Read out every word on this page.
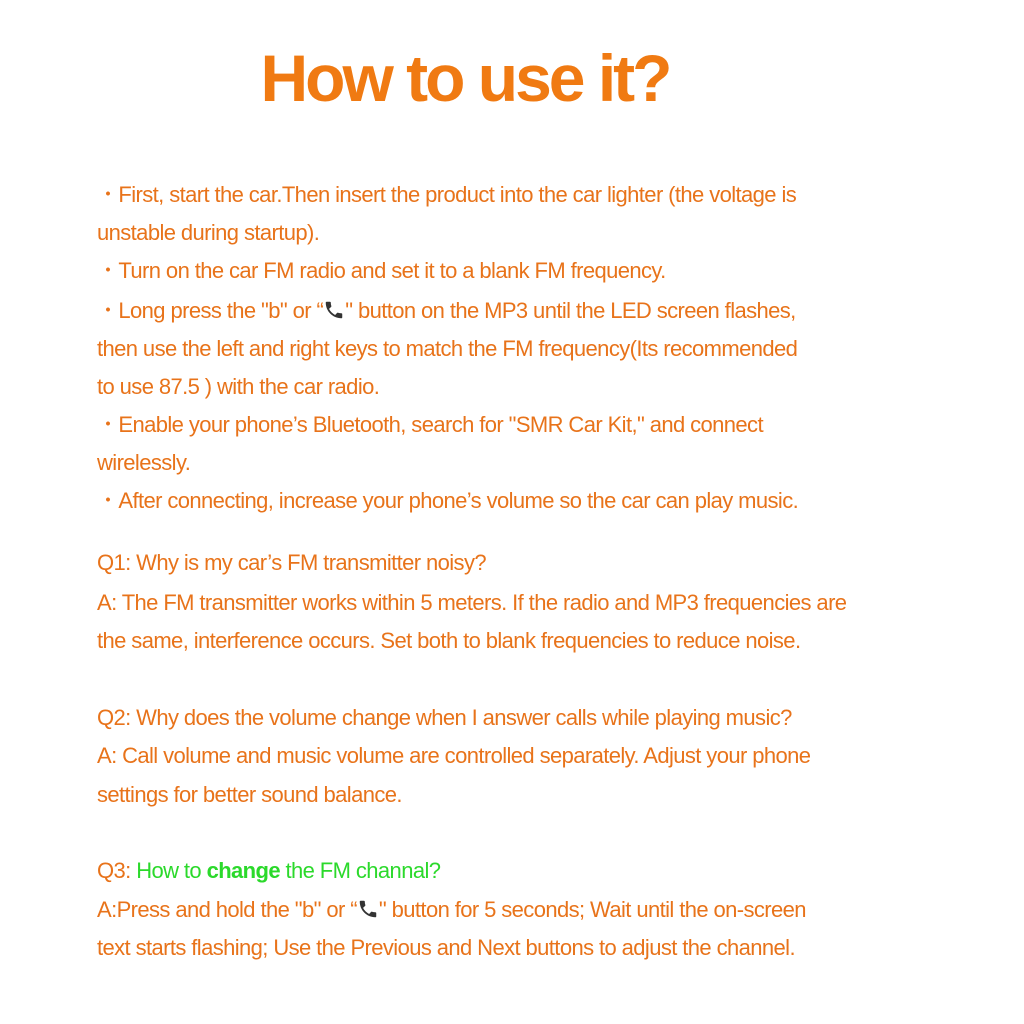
How to use it?
・First, start the car.Then insert the product into the car lighter (the voltage is
unstable during startup).
・Turn on the car FM radio and set it to a blank FM frequency.
・Long press the "b" or “ " button on the MP3 until the LED screen flashes,
then use the left and right keys to match the FM frequency(Its recommended
to use 87.5 ) with the car radio.
・Enable your phone’s Bluetooth, search for "SMR Car Kit," and connect
wirelessly.
・After connecting, increase your phone’s volume so the car can play music.
Q1: Why is my car’s FM transmitter noisy?
A: The FM transmitter works within 5 meters. If the radio and MP3 frequencies are
the same, interference occurs. Set both to blank frequencies to reduce noise.
Q2: Why does the volume change when I answer calls while playing music?
A: Call volume and music volume are controlled separately. Adjust your phone
settings for better sound balance.
Q3: How to change the FM channal?
A:Press and hold the "b" or “ " button for 5 seconds; Wait until the on-screen
text starts flashing; Use the Previous and Next buttons to adjust the channel.
